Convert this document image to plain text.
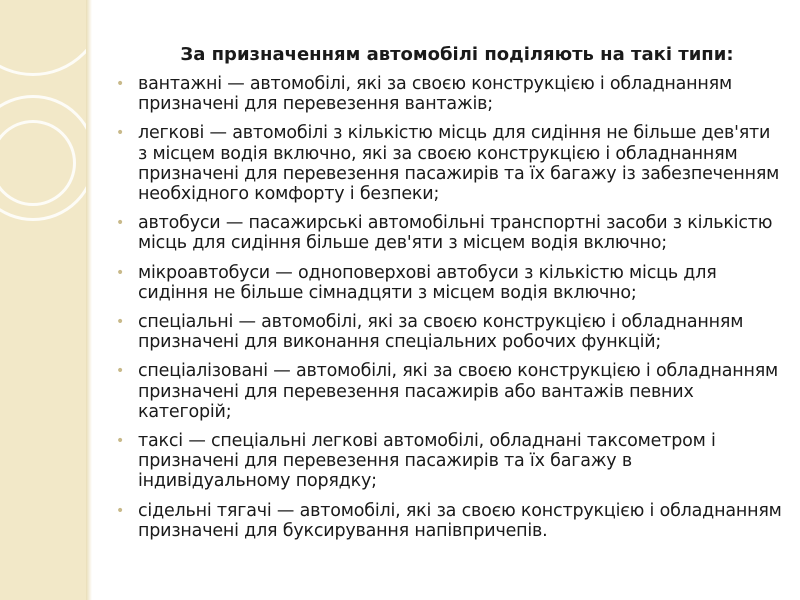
За призначенням автомобілі поділяють на такі типи:
• вантажні — автомобілі, які за своєю конструкцією і обладнанням призначені для перевезення вантажів;
• легкові — автомобілі з кількістю місць для сидіння не більше дев'яти з місцем водія включно, які за своєю конструкцією і обладнанням призначені для перевезення пасажирів та їх багажу із забезпеченням необхідного комфорту і безпеки;
• автобуси — пасажирські автомобільні транспортні засоби з кількістю місць для сидіння більше дев'яти з місцем водія включно;
• мікроавтобуси — одноповерхові автобуси з кількістю місць для сидіння не більше сімнадцяти з місцем водія включно;
• спеціальні — автомобілі, які за своєю конструкцією і обладнанням призначені для виконання спеціальних робочих функцій;
• спеціалізовані — автомобілі, які за своєю конструкцією і обладнанням призначені для перевезення пасажирів або вантажів певних категорій;
• таксі — спеціальні легкові автомобілі, обладнані таксометром і призначені для перевезення пасажирів та їх багажу в індивідуальному порядку;
• сідельні тягачі — автомобілі, які за своєю конструкцією і обладнанням призначені для буксирування напівпричепів.
